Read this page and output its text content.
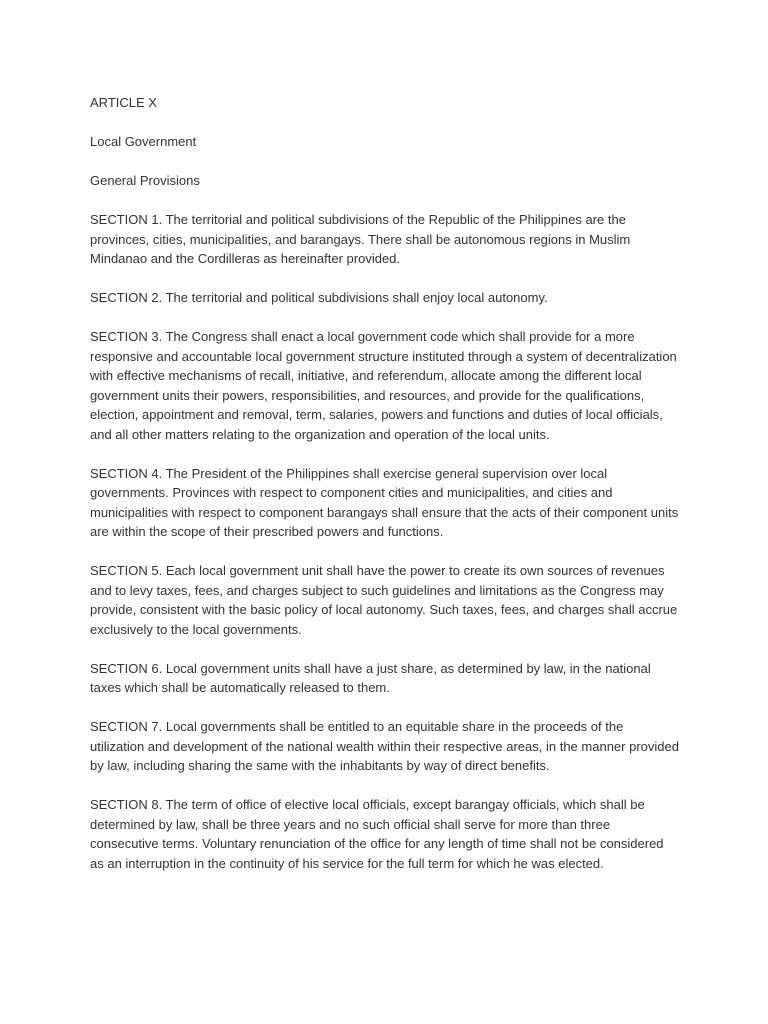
ARTICLE X

Local Government

General Provisions

SECTION 1. The territorial and political subdivisions of the Republic of the Philippines are the provinces, cities, municipalities, and barangays. There shall be autonomous regions in Muslim Mindanao and the Cordilleras as hereinafter provided.

SECTION 2. The territorial and political subdivisions shall enjoy local autonomy.

SECTION 3. The Congress shall enact a local government code which shall provide for a more responsive and accountable local government structure instituted through a system of decentralization with effective mechanisms of recall, initiative, and referendum, allocate among the different local government units their powers, responsibilities, and resources, and provide for the qualifications, election, appointment and removal, term, salaries, powers and functions and duties of local officials, and all other matters relating to the organization and operation of the local units.

SECTION 4. The President of the Philippines shall exercise general supervision over local governments. Provinces with respect to component cities and municipalities, and cities and municipalities with respect to component barangays shall ensure that the acts of their component units are within the scope of their prescribed powers and functions.

SECTION 5. Each local government unit shall have the power to create its own sources of revenues and to levy taxes, fees, and charges subject to such guidelines and limitations as the Congress may provide, consistent with the basic policy of local autonomy. Such taxes, fees, and charges shall accrue exclusively to the local governments.

SECTION 6. Local government units shall have a just share, as determined by law, in the national taxes which shall be automatically released to them.

SECTION 7. Local governments shall be entitled to an equitable share in the proceeds of the utilization and development of the national wealth within their respective areas, in the manner provided by law, including sharing the same with the inhabitants by way of direct benefits.

SECTION 8. The term of office of elective local officials, except barangay officials, which shall be determined by law, shall be three years and no such official shall serve for more than three consecutive terms. Voluntary renunciation of the office for any length of time shall not be considered as an interruption in the continuity of his service for the full term for which he was elected.
